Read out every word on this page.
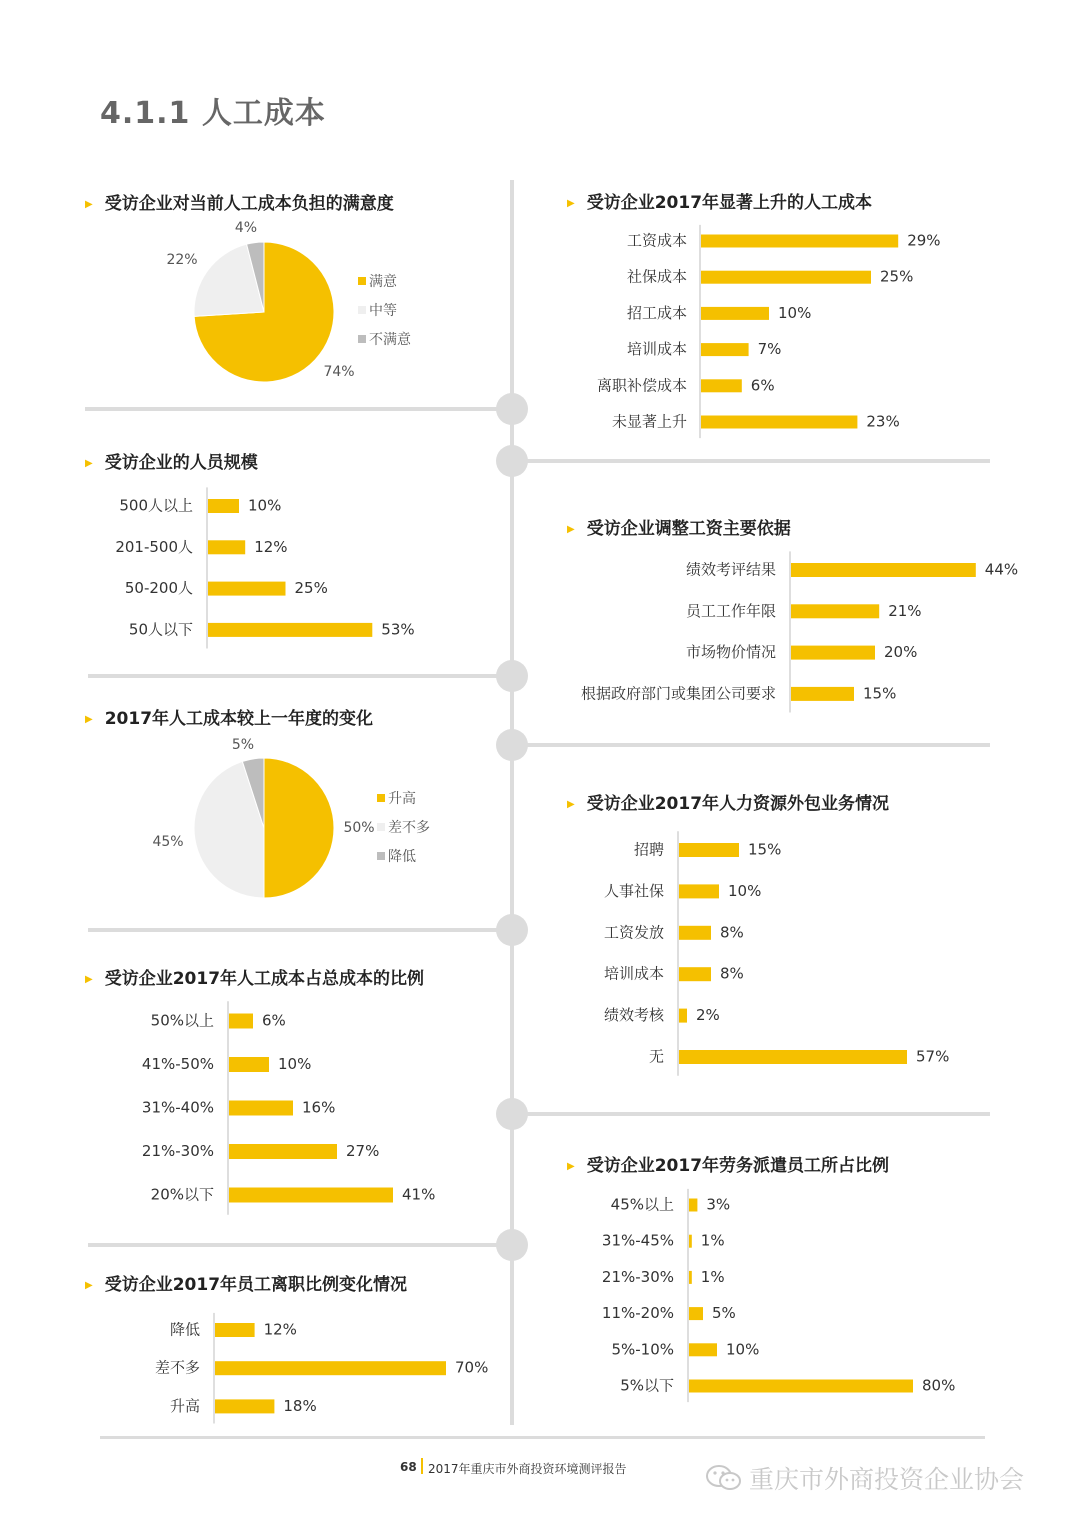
4.1.1 人工成本
▶ 受访企业对当前人工成本负担的满意度	▶ 受访企业2017年显著上升的人工成本
▶ 受访企业的人员规模
▶ 受访企业调整工资主要依据
▶ 2017年人工成本较上一年度的变化
▶ 受访企业2017年人力资源外包业务情况
▶ 受访企业2017年人工成本占总成本的比例
▶ 受访企业2017年劳务派遣员工所占比例
▶ 受访企业2017年员工离职比例变化情况
满意
中等
不满意
升高
差不多
降低
74%
22%
4%
50%
45%
5%
工资成本	29%
社保成本	25%
招工成本	10%
培训成本	7%
离职补偿成本	6%
未显著上升	23%
500人以上	10%
201-500人	12%
50-200人	25%
50人以下	53%
绩效考评结果	44%
员工工作年限	21%
市场物价情况	20%
根据政府部门或集团公司要求	15%
招聘	15%
人事社保	10%
工资发放	8%
培训成本	8%
绩效考核 2%
无	57%
50%以上	6%
41%-50%	10%
31%-40%	16%
21%-30%	27%
20%以下	41%
45%以上 3%
31%-45% 1%
21%-30% 1%
11%-20%	5%
5%-10%	10%
5%以下	80%
降低	12%
差不多	70%
升高	18%
68 2017年重庆市外商投资环境测评报告	重庆市外商投资企业协会
